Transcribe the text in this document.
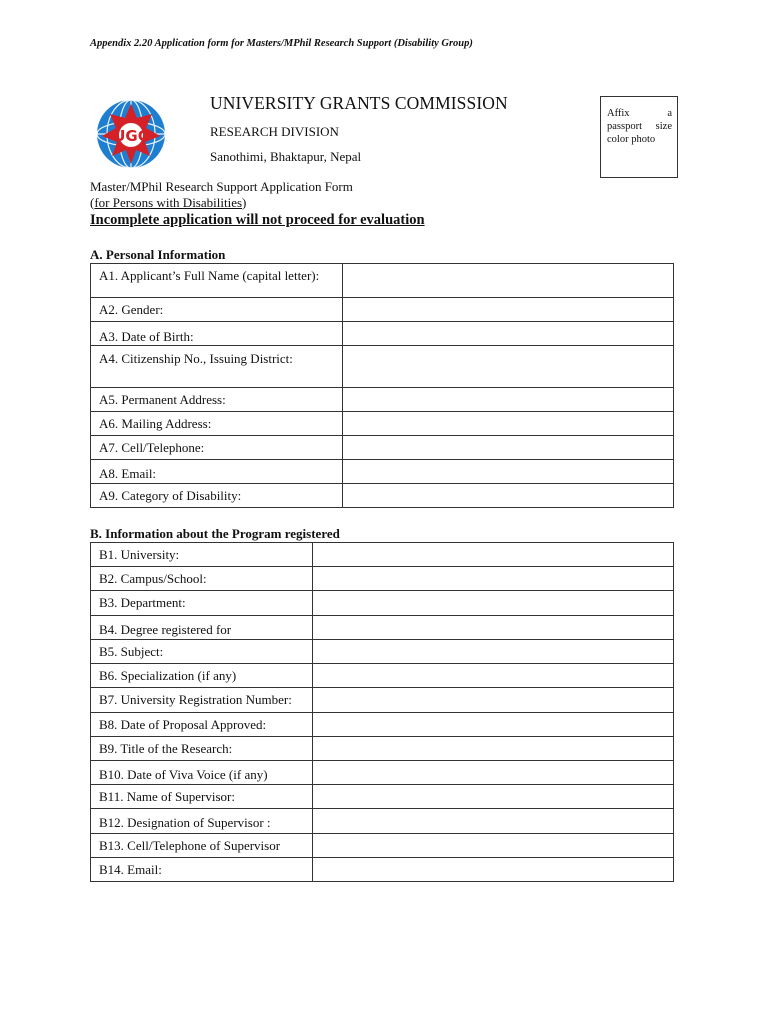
Appendix 2.20 Application form for Masters/MPhil Research Support (Disability Group)
UGC
UNIVERSITY GRANTS COMMISSION
RESEARCH DIVISION
Sanothimi, Bhaktapur, Nepal
Affix a passport size color photo
Master/MPhil Research Support Application Form
(for Persons with Disabilities)
Incomplete application will not proceed for evaluation
A. Personal Information
A1. Applicant’s Full Name (capital letter):	
A2. Gender:	
A3. Date of Birth:	
A4. Citizenship No., Issuing District:	
A5. Permanent Address:	
A6. Mailing Address:	
A7. Cell/Telephone:	
A8. Email:	
A9. Category of Disability:	
B. Information about the Program registered
B1. University:	
B2. Campus/School:	
B3. Department:	
B4. Degree registered for	
B5. Subject:	
B6. Specialization (if any)	
B7. University Registration Number:	
B8. Date of Proposal Approved:	
B9. Title of the Research:	
B10. Date of Viva Voice (if any)	
B11. Name of Supervisor:	
B12. Designation of Supervisor :	
B13. Cell/Telephone of Supervisor	
B14. Email:	
